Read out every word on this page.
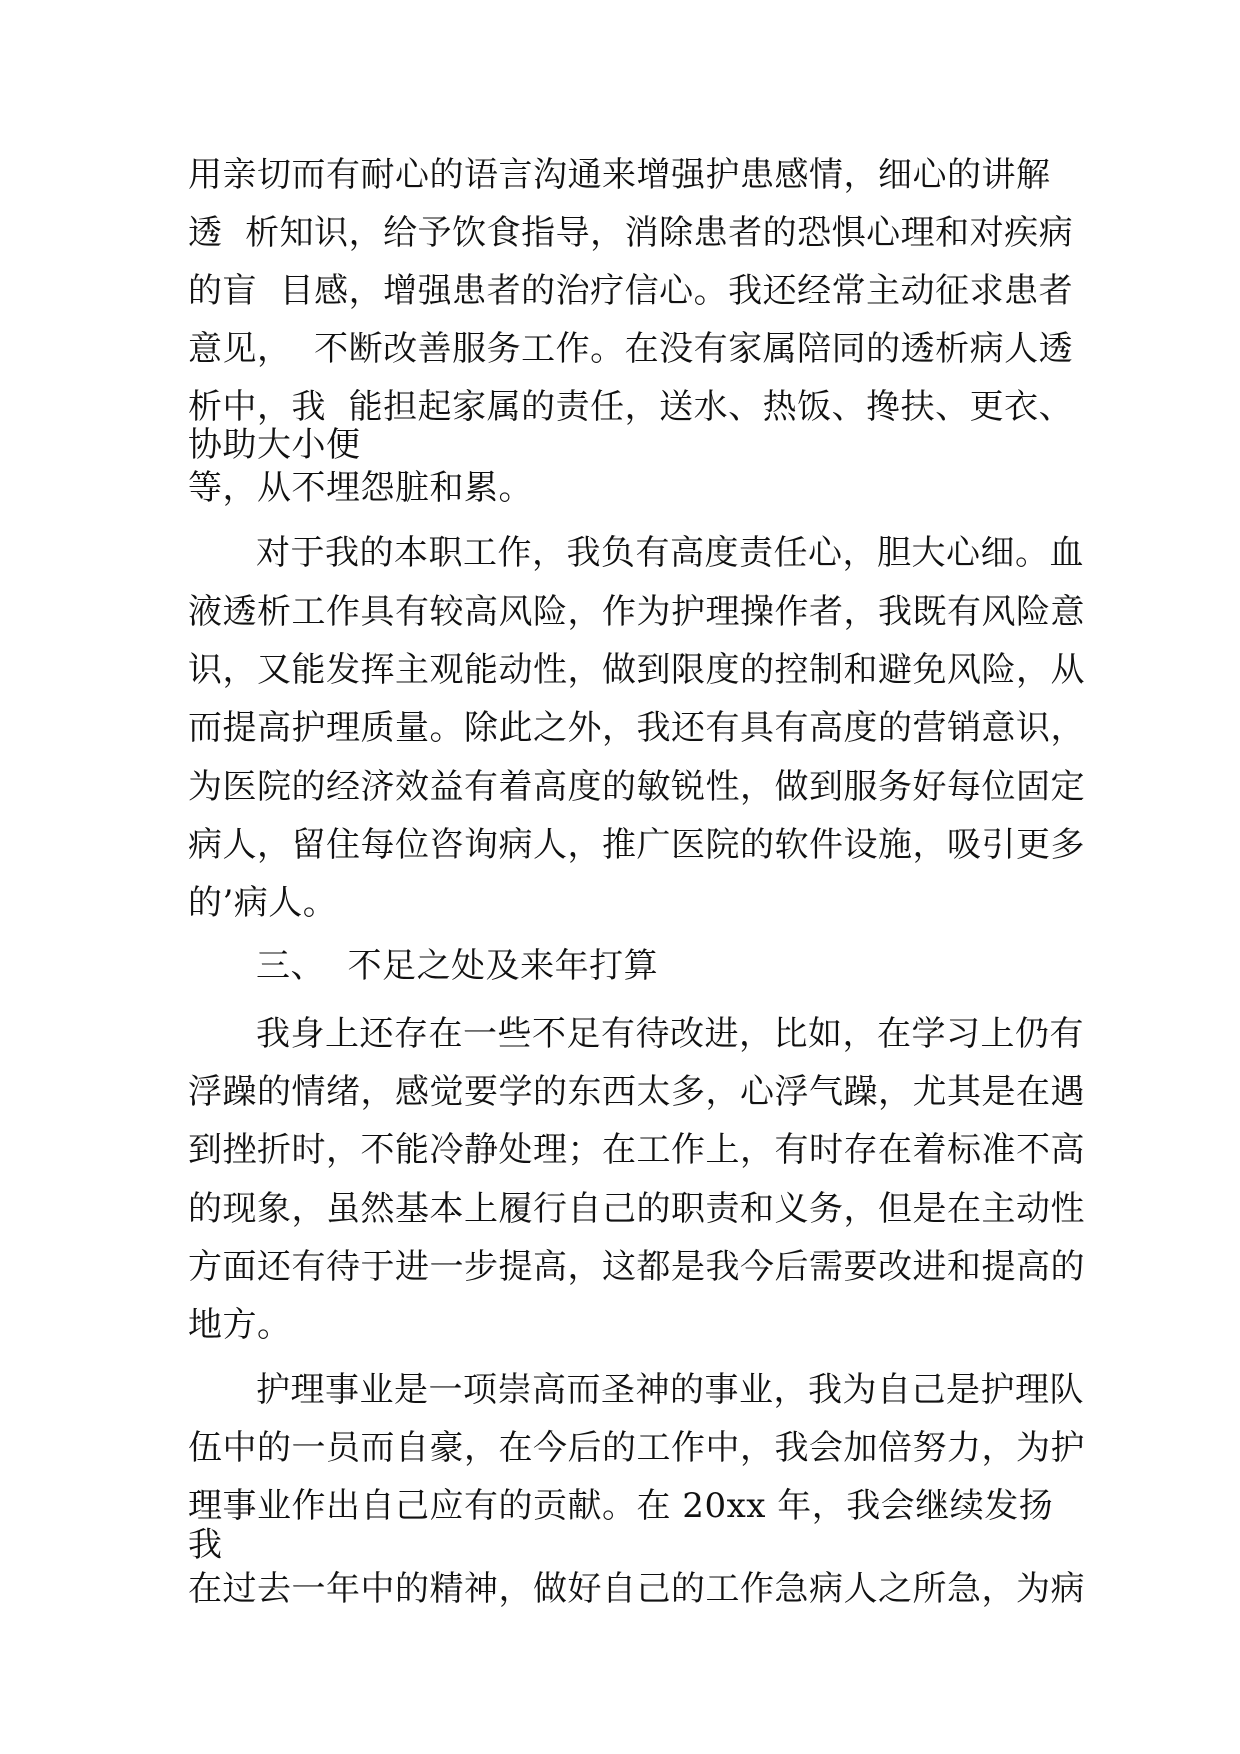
用亲切而有耐心的语言沟通来增强护患感情，细心的讲解
透  析知识，给予饮食指导，消除患者的恐惧心理和对疾病
的盲  目感，增强患者的治疗信心。我还经常主动征求患者
意见，  不断改善服务工作。在没有家属陪同的透析病人透
析中，我  能担起家属的责任，送水、热饭、搀扶、更衣、
协助大小便
等，从不埋怨脏和累。
对于我的本职工作，我负有高度责任心，胆大心细。血
液透析工作具有较高风险，作为护理操作者，我既有风险意
识，又能发挥主观能动性，做到限度的控制和避免风险，从
而提高护理质量。除此之外，我还有具有高度的营销意识，
为医院的经济效益有着高度的敏锐性，做到服务好每位固定
病人，留住每位咨询病人，推广医院的软件设施，吸引更多
的’病人。
三、  不足之处及来年打算
我身上还存在一些不足有待改进，比如，在学习上仍有
浮躁的情绪，感觉要学的东西太多，心浮气躁，尤其是在遇
到挫折时，不能冷静处理；在工作上，有时存在着标准不高
的现象，虽然基本上履行自己的职责和义务，但是在主动性
方面还有待于进一步提高，这都是我今后需要改进和提高的
地方。
护理事业是一项崇高而圣神的事业，我为自己是护理队
伍中的一员而自豪，在今后的工作中，我会加倍努力，为护
理事业作出自己应有的贡献。在 20xx 年，我会继续发扬
我
在过去一年中的精神，做好自己的工作急病人之所急，为病
